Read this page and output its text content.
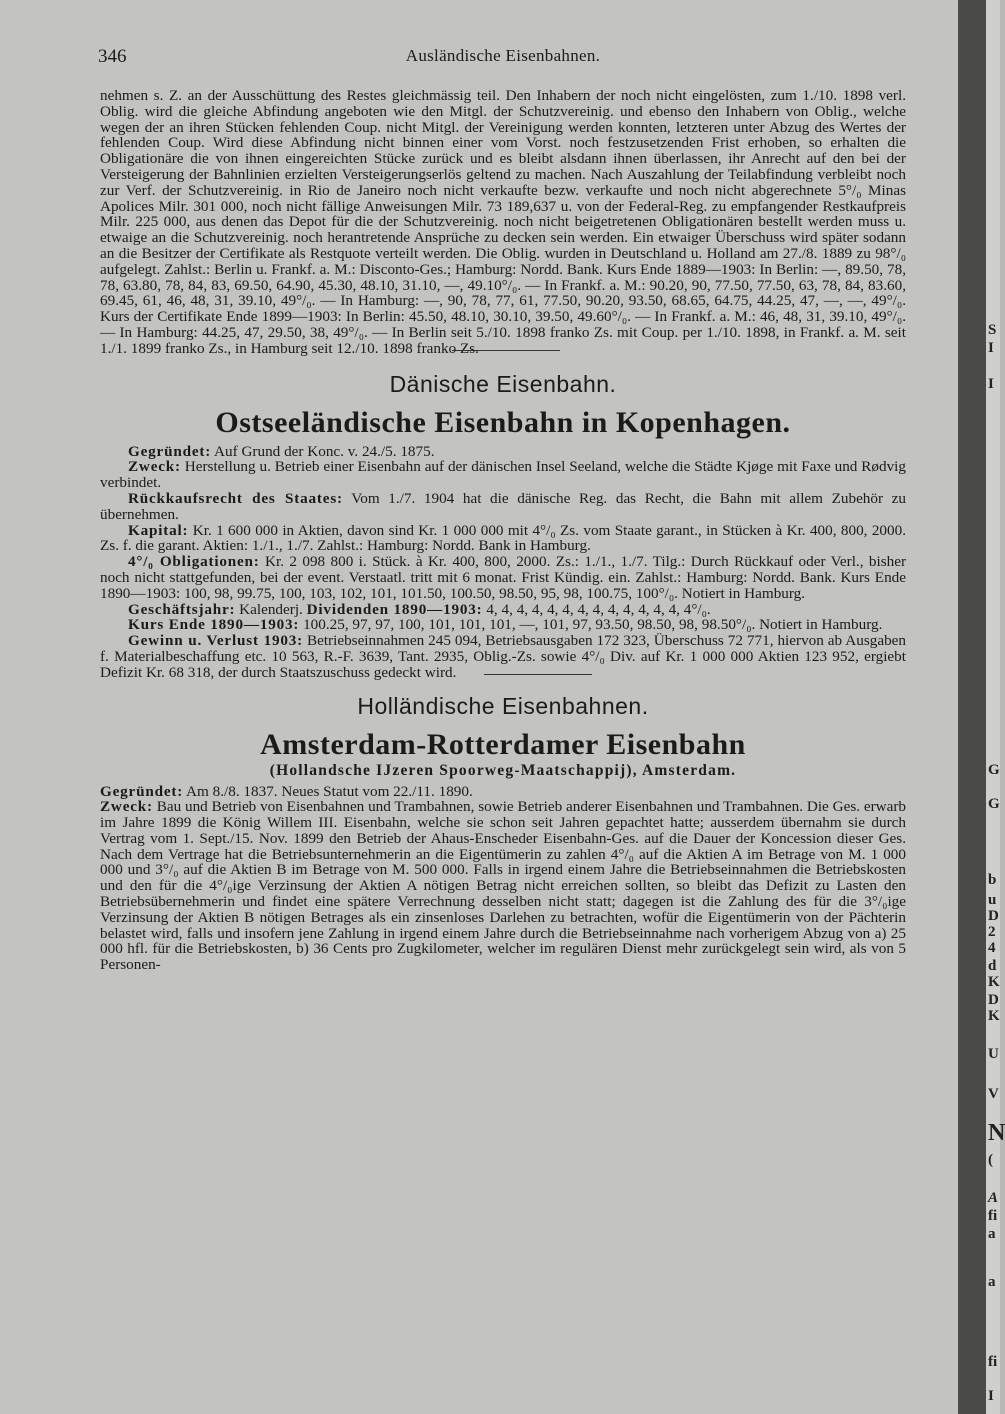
346	Ausländische Eisenbahnen.

nehmen s. Z. an der Ausschüttung des Restes gleichmässig teil. Den Inhabern der noch nicht eingelösten, zum 1./10. 1898 verl. Oblig. wird die gleiche Abfindung angeboten wie den Mitgl. der Schutzvereinig. und ebenso den Inhabern von Oblig., welche wegen der an ihren Stücken fehlenden Coup. nicht Mitgl. der Vereinigung werden konnten, letzteren unter Abzug des Wertes der fehlenden Coup. Wird diese Abfindung nicht binnen einer vom Vorst. noch festzusetzenden Frist erhoben, so erhalten die Obligationäre die von ihnen eingereichten Stücke zurück und es bleibt alsdann ihnen überlassen, ihr Anrecht auf den bei der Versteigerung der Bahnlinien erzielten Versteigerungserlös geltend zu machen. Nach Auszahlung der Teilabfindung verbleibt noch zur Verf. der Schutzvereinig. in Rio de Janeiro noch nicht verkaufte bezw. verkaufte und noch nicht abgerechnete 5°/₀ Minas Apolices Milr. 301 000, noch nicht fällige Anweisungen Milr. 73 189,637 u. von der Federal-Reg. zu empfangender Restkaufpreis Milr. 225 000, aus denen das Depot für die der Schutzvereinig. noch nicht beigetretenen Obligationären bestellt werden muss u. etwaige an die Schutzvereinig. noch herantretende Ansprüche zu decken sein werden. Ein etwaiger Überschuss wird später sodann an die Besitzer der Certifikate als Restquote verteilt werden. Die Oblig. wurden in Deutschland u. Holland am 27./8. 1889 zu 98°/₀ aufgelegt. Zahlst.: Berlin u. Frankf. a. M.: Disconto-Ges.; Hamburg: Nordd. Bank. Kurs Ende 1889—1903: In Berlin: —, 89.50, 78, 78, 63.80, 78, 84, 83, 69.50, 64.90, 45.30, 48.10, 31.10, —, 49.10°/₀. — In Frankf. a. M.: 90.20, 90, 77.50, 77.50, 63, 78, 84, 83.60, 69.45, 61, 46, 48, 31, 39.10, 49°/₀. — In Hamburg: —, 90, 78, 77, 61, 77.50, 90.20, 93.50, 68.65, 64.75, 44.25, 47, —, —, 49°/₀. Kurs der Certifikate Ende 1899—1903: In Berlin: 45.50, 48.10, 30.10, 39.50, 49.60°/₀. — In Frankf. a. M.: 46, 48, 31, 39.10, 49°/₀. — In Hamburg: 44.25, 47, 29.50, 38, 49°/₀. — In Berlin seit 5./10. 1898 franko Zs. mit Coup. per 1./10. 1898, in Frankf. a. M. seit 1./1. 1899 franko Zs., in Hamburg seit 12./10. 1898 franko Zs.

Dänische Eisenbahn.
Ostseeländische Eisenbahn in Kopenhagen.

Gegründet: Auf Grund der Konc. v. 24./5. 1875.

Zweck: Herstellung u. Betrieb einer Eisenbahn auf der dänischen Insel Seeland, welche die Städte Kjøge mit Faxe und Rødvig verbindet.

Rückkaufsrecht des Staates: Vom 1./7. 1904 hat die dänische Reg. das Recht, die Bahn mit allem Zubehör zu übernehmen.

Kapital: Kr. 1 600 000 in Aktien, davon sind Kr. 1 000 000 mit 4°/₀ Zs. vom Staate garant., in Stücken à Kr. 400, 800, 2000. Zs. f. die garant. Aktien: 1./1., 1./7. Zahlst.: Hamburg: Nordd. Bank in Hamburg.

4°/₀ Obligationen: Kr. 2 098 800 i. Stück. à Kr. 400, 800, 2000. Zs.: 1./1., 1./7. Tilg.: Durch Rückkauf oder Verl., bisher noch nicht stattgefunden, bei der event. Verstaatl. tritt mit 6 monat. Frist Kündig. ein. Zahlst.: Hamburg: Nordd. Bank. Kurs Ende 1890—1903: 100, 98, 99.75, 100, 103, 102, 101, 101.50, 100.50, 98.50, 95, 98, 100.75, 100°/₀. Notiert in Hamburg.

Geschäftsjahr: Kalenderj. Dividenden 1890—1903: 4, 4, 4, 4, 4, 4, 4, 4, 4, 4, 4, 4, 4, 4°/₀.

Kurs Ende 1890—1903: 100.25, 97, 97, 100, 101, 101, 101, —, 101, 97, 93.50, 98.50, 98, 98.50°/₀. Notiert in Hamburg.

Gewinn u. Verlust 1903: Betriebseinnahmen 245 094, Betriebsausgaben 172 323, Überschuss 72 771, hiervon ab Ausgaben f. Materialbeschaffung etc. 10 563, R.-F. 3639, Tant. 2935, Oblig.-Zs. sowie 4°/₀ Div. auf Kr. 1 000 000 Aktien 123 952, ergiebt Defizit Kr. 68 318, der durch Staatszuschuss gedeckt wird.

Holländische Eisenbahnen.
Amsterdam-Rotterdamer Eisenbahn
(Hollandsche IJzeren Spoorweg-Maatschappij), Amsterdam.

Gegründet: Am 8./8. 1837. Neues Statut vom 22./11. 1890.

Zweck: Bau und Betrieb von Eisenbahnen und Trambahnen, sowie Betrieb anderer Eisenbahnen und Trambahnen. Die Ges. erwarb im Jahre 1899 die König Willem III. Eisenbahn, welche sie schon seit Jahren gepachtet hatte; ausserdem übernahm sie durch Vertrag vom 1. Sept./15. Nov. 1899 den Betrieb der Ahaus-Enscheder Eisenbahn-Ges. auf die Dauer der Koncession dieser Ges. Nach dem Vertrage hat die Betriebsunternehmerin an die Eigentümerin zu zahlen 4°/₀ auf die Aktien A im Betrage von M. 1 000 000 und 3°/₀ auf die Aktien B im Betrage von M. 500 000. Falls in irgend einem Jahre die Betriebseinnahmen die Betriebskosten und den für die 4°/₀ige Verzinsung der Aktien A nötigen Betrag nicht erreichen sollten, so bleibt das Defizit zu Lasten den Betriebsübernehmerin und findet eine spätere Verrechnung desselben nicht statt; dagegen ist die Zahlung des für die 3°/₀ige Verzinsung der Aktien B nötigen Betrages als ein zinsenloses Darlehen zu betrachten, wofür die Eigentümerin von der Pächterin belastet wird, falls und insofern jene Zahlung in irgend einem Jahre durch die Betriebseinnahme nach vorherigem Abzug von a) 25 000 hfl. für die Betriebskosten, b) 36 Cents pro Zugkilometer, welcher im regulären Dienst mehr zurückgelegt sein wird, als von 5 Personen-

S
I
I
G
G
b
u
D
2
4
d
K
D
K
U
V
N
(
A
fi
a
a
fi
I
